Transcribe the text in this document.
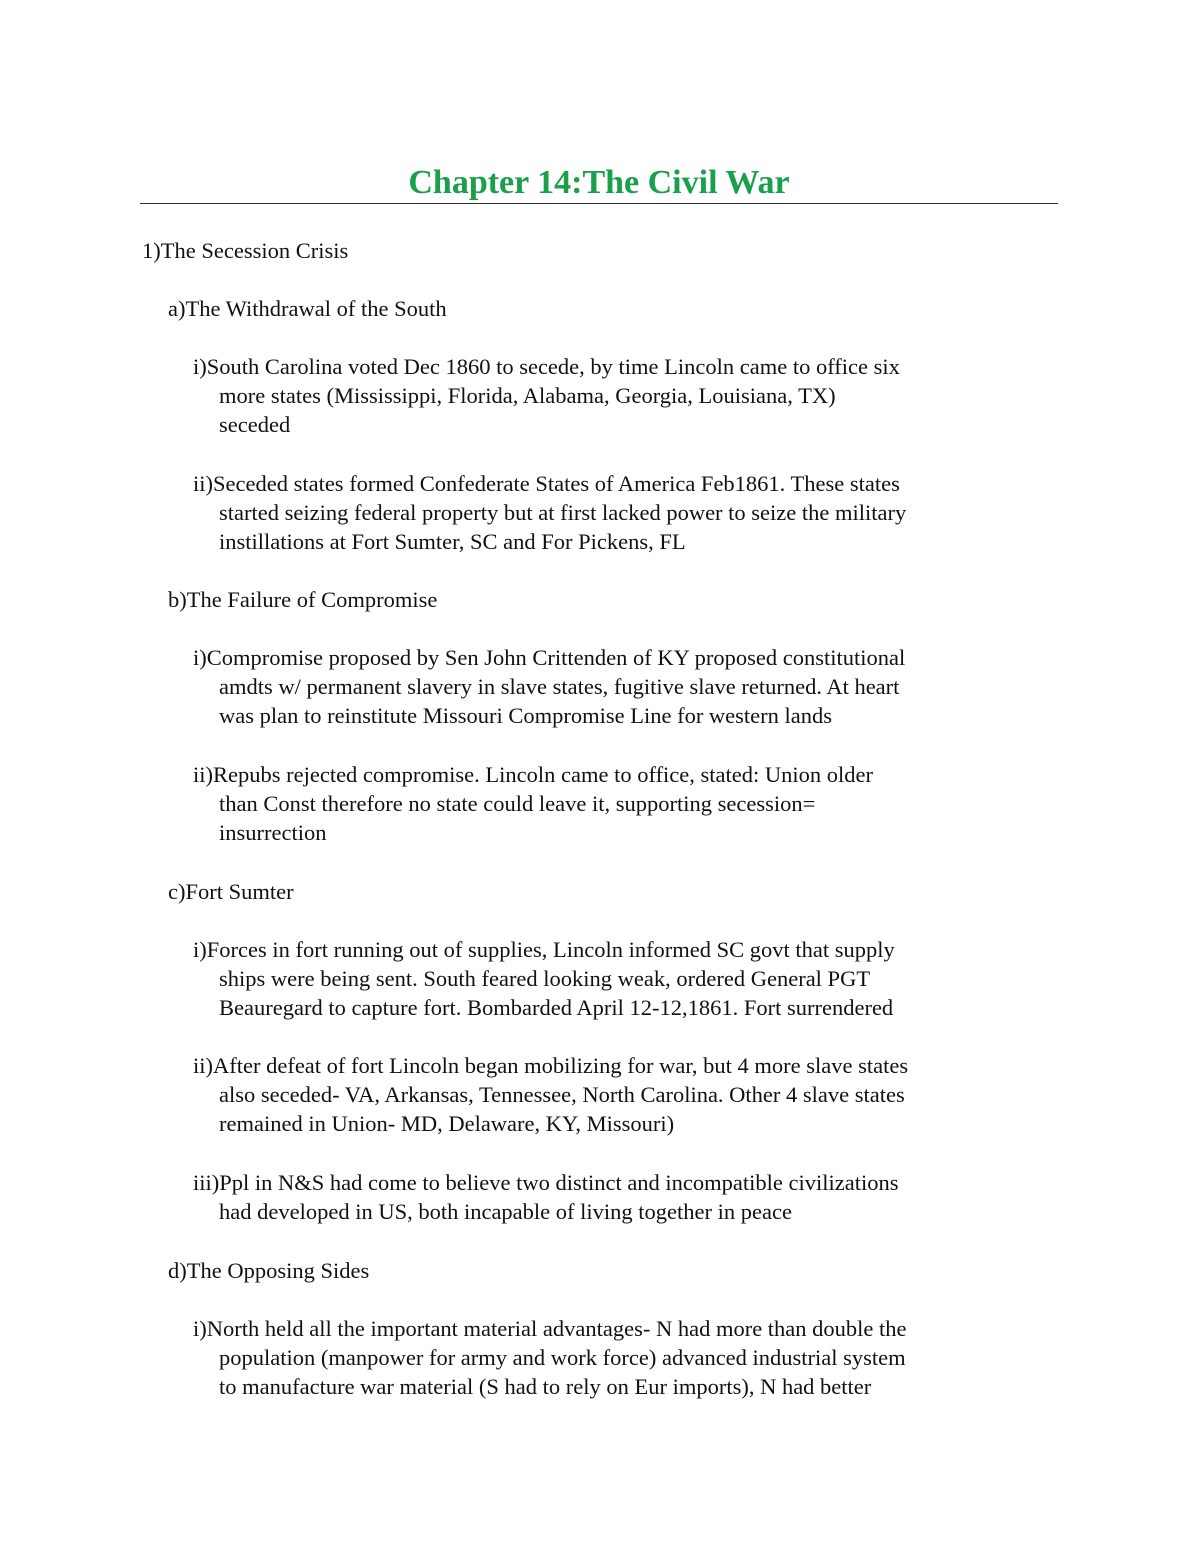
Chapter 14:The Civil War
1)The Secession Crisis
a)The Withdrawal of the South
i)South Carolina voted Dec 1860 to secede, by time Lincoln came to office six
more states (Mississippi, Florida, Alabama, Georgia, Louisiana, TX)
seceded
ii)Seceded states formed Confederate States of America Feb1861. These states
started seizing federal property but at first lacked power to seize the military
instillations at Fort Sumter, SC and For Pickens, FL
b)The Failure of Compromise
i)Compromise proposed by Sen John Crittenden of KY proposed constitutional
amdts w/ permanent slavery in slave states, fugitive slave returned. At heart
was plan to reinstitute Missouri Compromise Line for western lands
ii)Repubs rejected compromise. Lincoln came to office, stated: Union older
than Const therefore no state could leave it, supporting secession=
insurrection
c)Fort Sumter
i)Forces in fort running out of supplies, Lincoln informed SC govt that supply
ships were being sent. South feared looking weak, ordered General PGT
Beauregard to capture fort. Bombarded April 12-12,1861. Fort surrendered
ii)After defeat of fort Lincoln began mobilizing for war, but 4 more slave states
also seceded- VA, Arkansas, Tennessee, North Carolina. Other 4 slave states
remained in Union- MD, Delaware, KY, Missouri)
iii)Ppl in N&S had come to believe two distinct and incompatible civilizations
had developed in US, both incapable of living together in peace
d)The Opposing Sides
i)North held all the important material advantages- N had more than double the
population (manpower for army and work force) advanced industrial system
to manufacture war material (S had to rely on Eur imports), N had better
